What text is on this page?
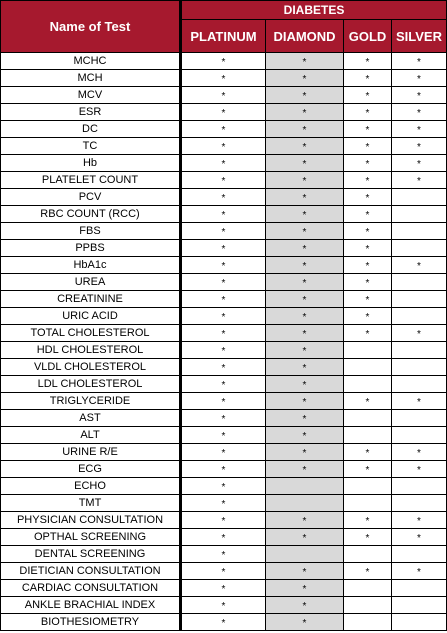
Name of Test	DIABETES			
	PLATINUM	DIAMOND	GOLD	SILVER
MCHC	*	*	*	*
MCH	*	*	*	*
MCV	*	*	*	*
ESR	*	*	*	*
DC	*	*	*	*
TC	*	*	*	*
Hb	*	*	*	*
PLATELET COUNT	*	*	*	*
PCV	*	*	*	
RBC COUNT (RCC)	*	*	*	
FBS	*	*	*	
PPBS	*	*	*	
HbA1c	*	*	*	*
UREA	*	*	*	
CREATININE	*	*	*	
URIC ACID	*	*	*	
TOTAL CHOLESTEROL	*	*	*	*
HDL CHOLESTEROL	*	*		
VLDL CHOLESTEROL	*	*		
LDL CHOLESTEROL	*	*		
TRIGLYCERIDE	*	*	*	*
AST	*	*		
ALT	*	*		
URINE R/E	*	*	*	*
ECG	*	*	*	*
ECHO	*			
TMT	*			
PHYSICIAN CONSULTATION	*	*	*	*
OPTHAL SCREENING	*	*	*	*
DENTAL SCREENING	*			
DIETICIAN CONSULTATION	*	*	*	*
CARDIAC CONSULTATION	*	*		
ANKLE BRACHIAL INDEX	*	*		
BIOTHESIOMETRY	*	*		
